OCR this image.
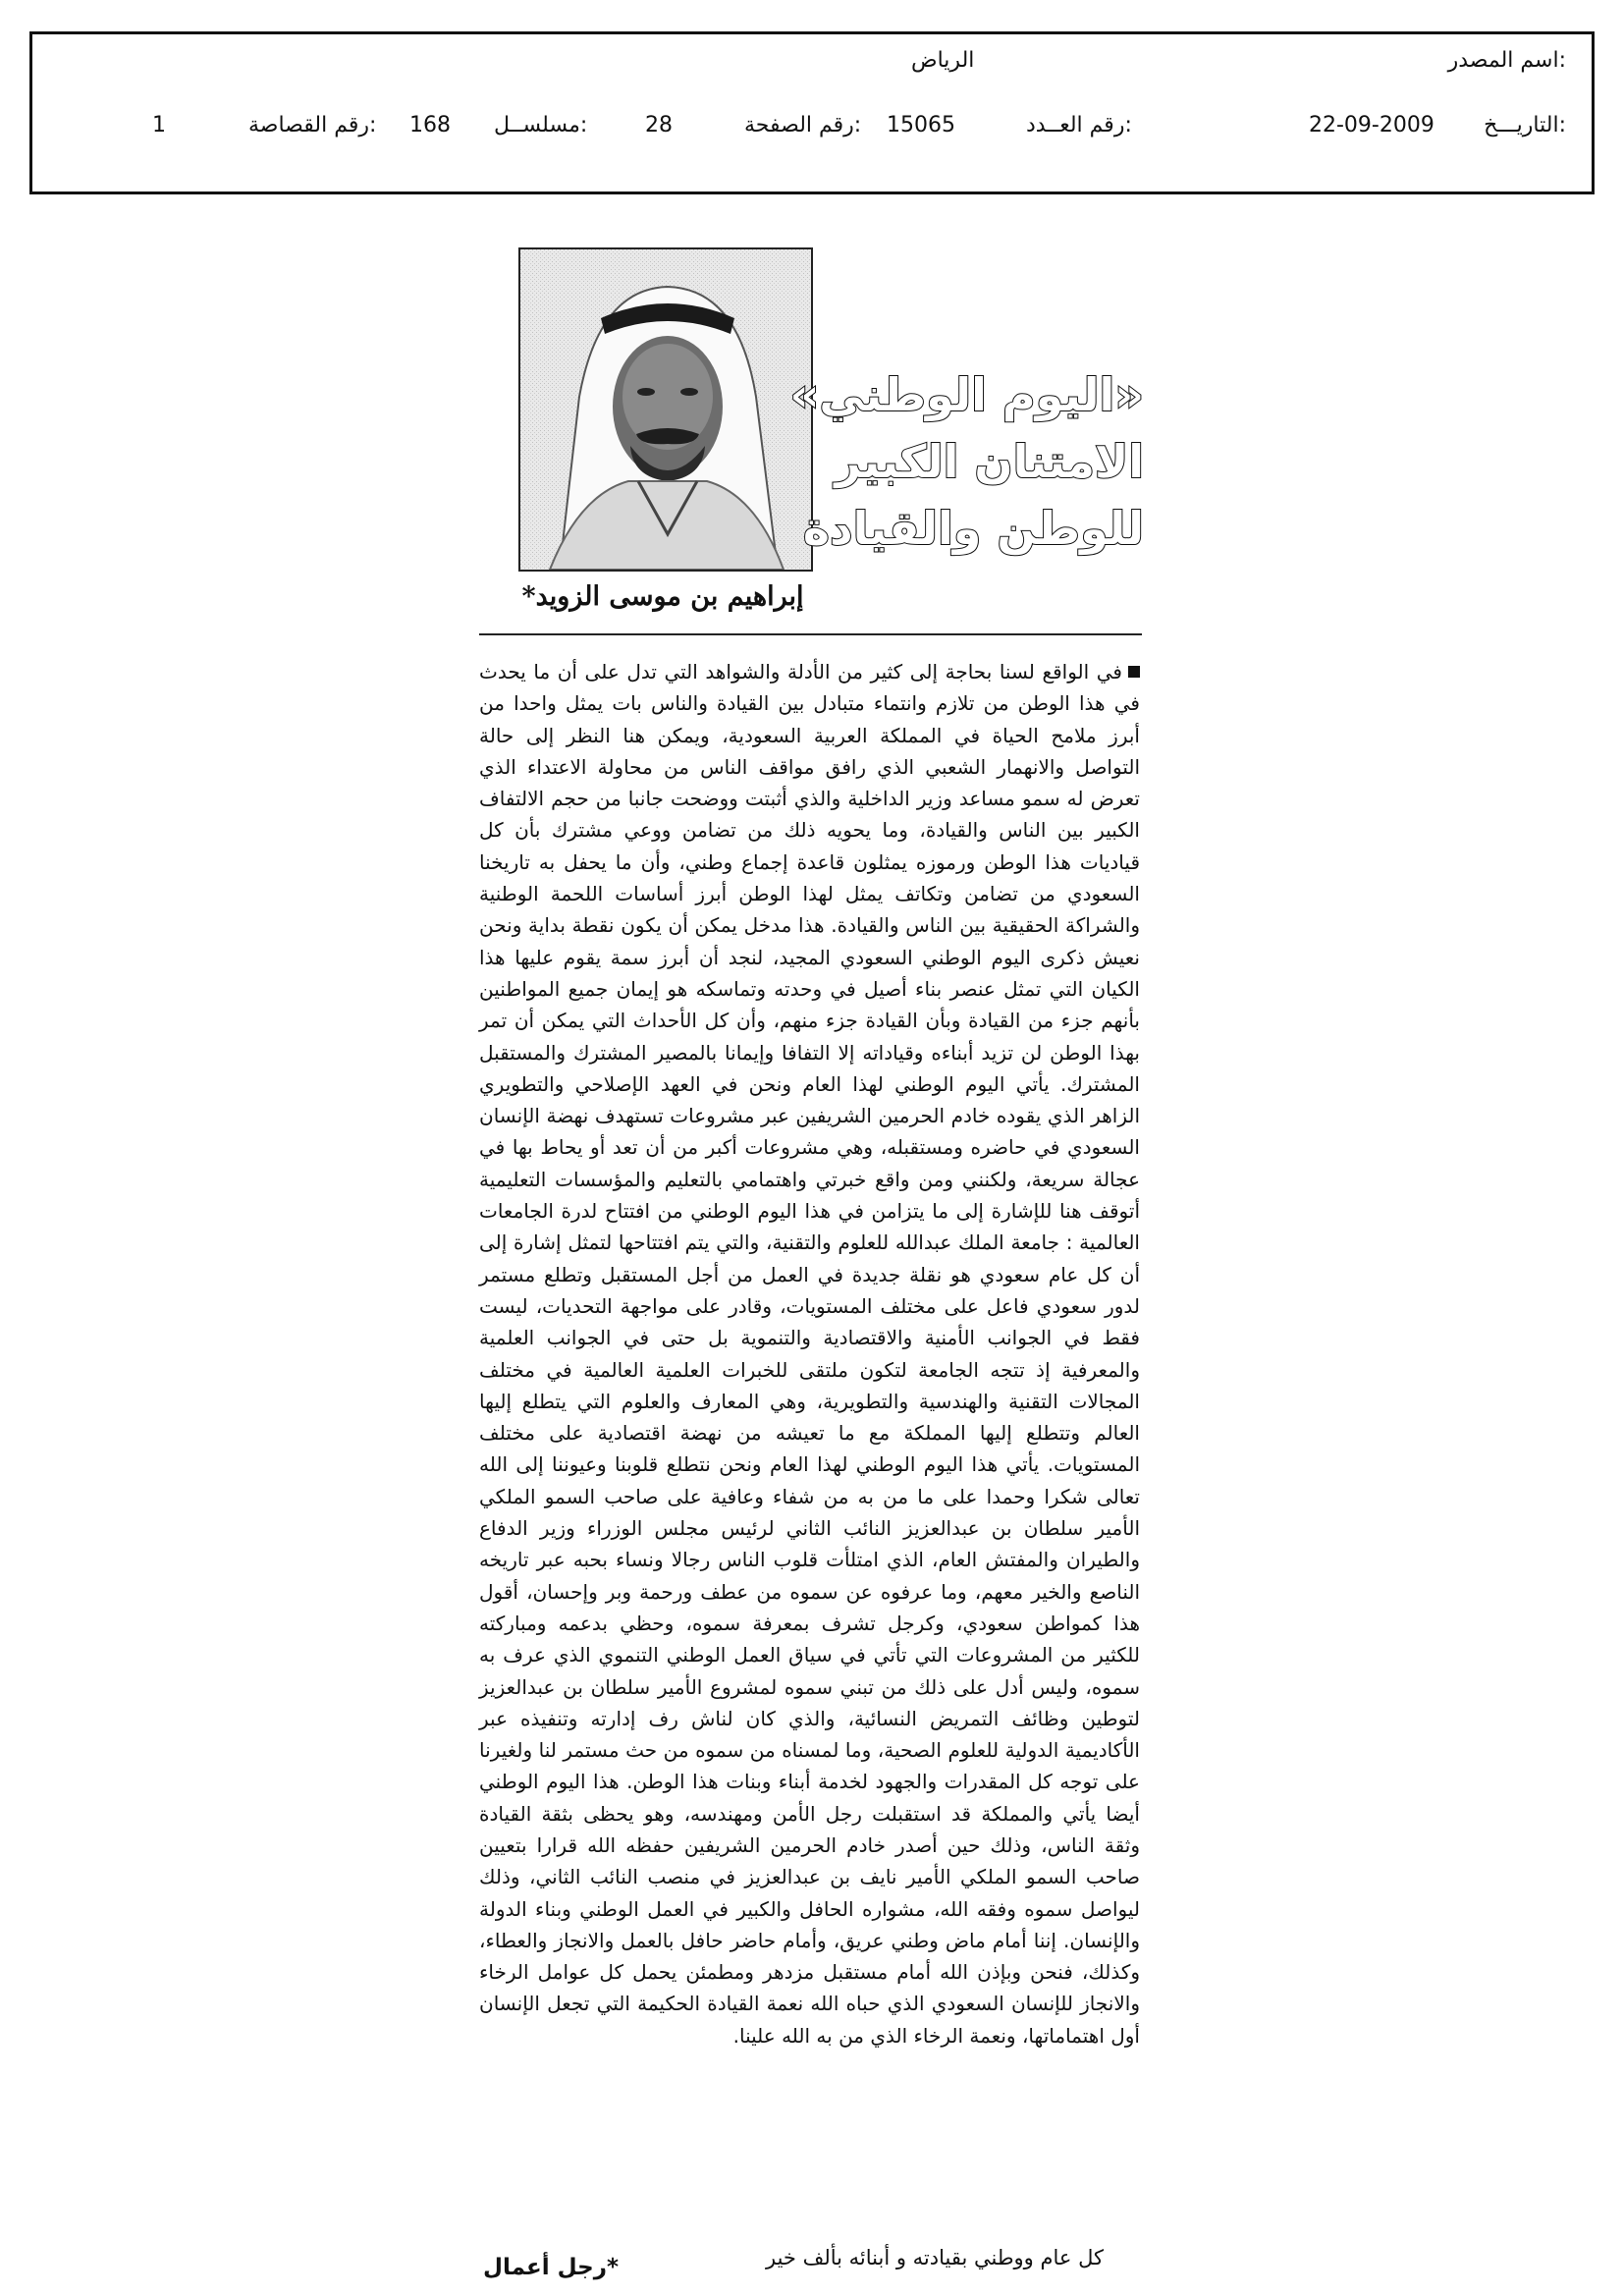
اسم المصدر:
الرياض
التاريـــخ:
22-09-2009
رقم العــدد:
15065
رقم الصفحة:
28
مسلســل:
168
رقم القصاصة:
1
إبراهيم بن موسى الزويد*
«اليوم الوطني»
الامتنان الكبير
للوطن والقيادة
في الواقع لسنا بحاجة إلى كثير من الأدلة والشواهد التي تدل على أن ما يحدث في هذا الوطن من تلازم وانتماء متبادل بين القيادة والناس بات يمثل واحدا من أبرز ملامح الحياة في المملكة العربية السعودية، ويمكن هنا النظر إلى حالة التواصل والانهمار الشعبي الذي رافق مواقف الناس من محاولة الاعتداء الذي تعرض له سمو مساعد وزير الداخلية والذي أثبتت ووضحت جانبا من حجم الالتفاف الكبير بين الناس والقيادة، وما يحويه ذلك من تضامن ووعي مشترك بأن كل قياديات هذا الوطن ورموزه يمثلون قاعدة إجماع وطني، وأن ما يحفل به تاريخنا السعودي من تضامن وتكاتف يمثل لهذا الوطن أبرز أساسات اللحمة الوطنية والشراكة الحقيقية بين الناس والقيادة. هذا مدخل يمكن أن يكون نقطة بداية ونحن نعيش ذكرى اليوم الوطني السعودي المجيد، لنجد أن أبرز سمة يقوم عليها هذا الكيان التي تمثل عنصر بناء أصيل في وحدته وتماسكه هو إيمان جميع المواطنين بأنهم جزء من القيادة وبأن القيادة جزء منهم، وأن كل الأحداث التي يمكن أن تمر بهذا الوطن لن تزيد أبناءه وقياداته إلا التفافا وإيمانا بالمصير المشترك والمستقبل المشترك. يأتي اليوم الوطني لهذا العام ونحن في العهد الإصلاحي والتطويري الزاهر الذي يقوده خادم الحرمين الشريفين عبر مشروعات تستهدف نهضة الإنسان السعودي في حاضره ومستقبله، وهي مشروعات أكبر من أن تعد أو يحاط بها في عجالة سريعة، ولكنني ومن واقع خبرتي واهتمامي بالتعليم والمؤسسات التعليمية أتوقف هنا للإشارة إلى ما يتزامن في هذا اليوم الوطني من افتتاح لدرة الجامعات العالمية : جامعة الملك عبدالله للعلوم والتقنية، والتي يتم افتتاحها لتمثل إشارة إلى أن كل عام سعودي هو نقلة جديدة في العمل من أجل المستقبل وتطلع مستمر لدور سعودي فاعل على مختلف المستويات، وقادر على مواجهة التحديات، ليست فقط في الجوانب الأمنية والاقتصادية والتنموية بل حتى في الجوانب العلمية والمعرفية إذ تتجه الجامعة لتكون ملتقى للخبرات العلمية العالمية في مختلف المجالات التقنية والهندسية والتطويرية، وهي المعارف والعلوم التي يتطلع إليها العالم وتتطلع إليها المملكة مع ما تعيشه من نهضة اقتصادية على مختلف المستويات. يأتي هذا اليوم الوطني لهذا العام ونحن نتطلع قلوبنا وعيوننا إلى الله تعالى شكرا وحمدا على ما من به من شفاء وعافية على صاحب السمو الملكي الأمير سلطان بن عبدالعزيز النائب الثاني لرئيس مجلس الوزراء وزير الدفاع والطيران والمفتش العام، الذي امتلأت قلوب الناس رجالا ونساء بحبه عبر تاريخه الناصع والخير معهم، وما عرفوه عن سموه من عطف ورحمة وبر وإحسان، أقول هذا كمواطن سعودي، وكرجل تشرف بمعرفة سموه، وحظي بدعمه ومباركته للكثير من المشروعات التي تأتي في سياق العمل الوطني التنموي الذي عرف به سموه، وليس أدل على ذلك من تبني سموه لمشروع الأمير سلطان بن عبدالعزيز لتوطين وظائف التمريض النسائية، والذي كان لناش رف إدارته وتنفيذه عبر الأكاديمية الدولية للعلوم الصحية، وما لمسناه من سموه من حث مستمر لنا ولغيرنا على توجه كل المقدرات والجهود لخدمة أبناء وبنات هذا الوطن. هذا اليوم الوطني أيضا يأتي والمملكة قد استقبلت رجل الأمن ومهندسه، وهو يحظى بثقة القيادة وثقة الناس، وذلك حين أصدر خادم الحرمين الشريفين حفظه الله قرارا بتعيين صاحب السمو الملكي الأمير نايف بن عبدالعزيز في منصب النائب الثاني، وذلك ليواصل سموه وفقه الله، مشواره الحافل والكبير في العمل الوطني وبناء الدولة والإنسان. إننا أمام ماض وطني عريق، وأمام حاضر حافل بالعمل والانجاز والعطاء، وكذلك، فنحن وبإذن الله أمام مستقبل مزدهر ومطمئن يحمل كل عوامل الرخاء والانجاز للإنسان السعودي الذي حباه الله نعمة القيادة الحكيمة التي تجعل الإنسان أول اهتماماتها، ونعمة الرخاء الذي من به الله علينا.
كل عام ووطني بقيادته و أبنائه بألف خير
*رجل أعمال
